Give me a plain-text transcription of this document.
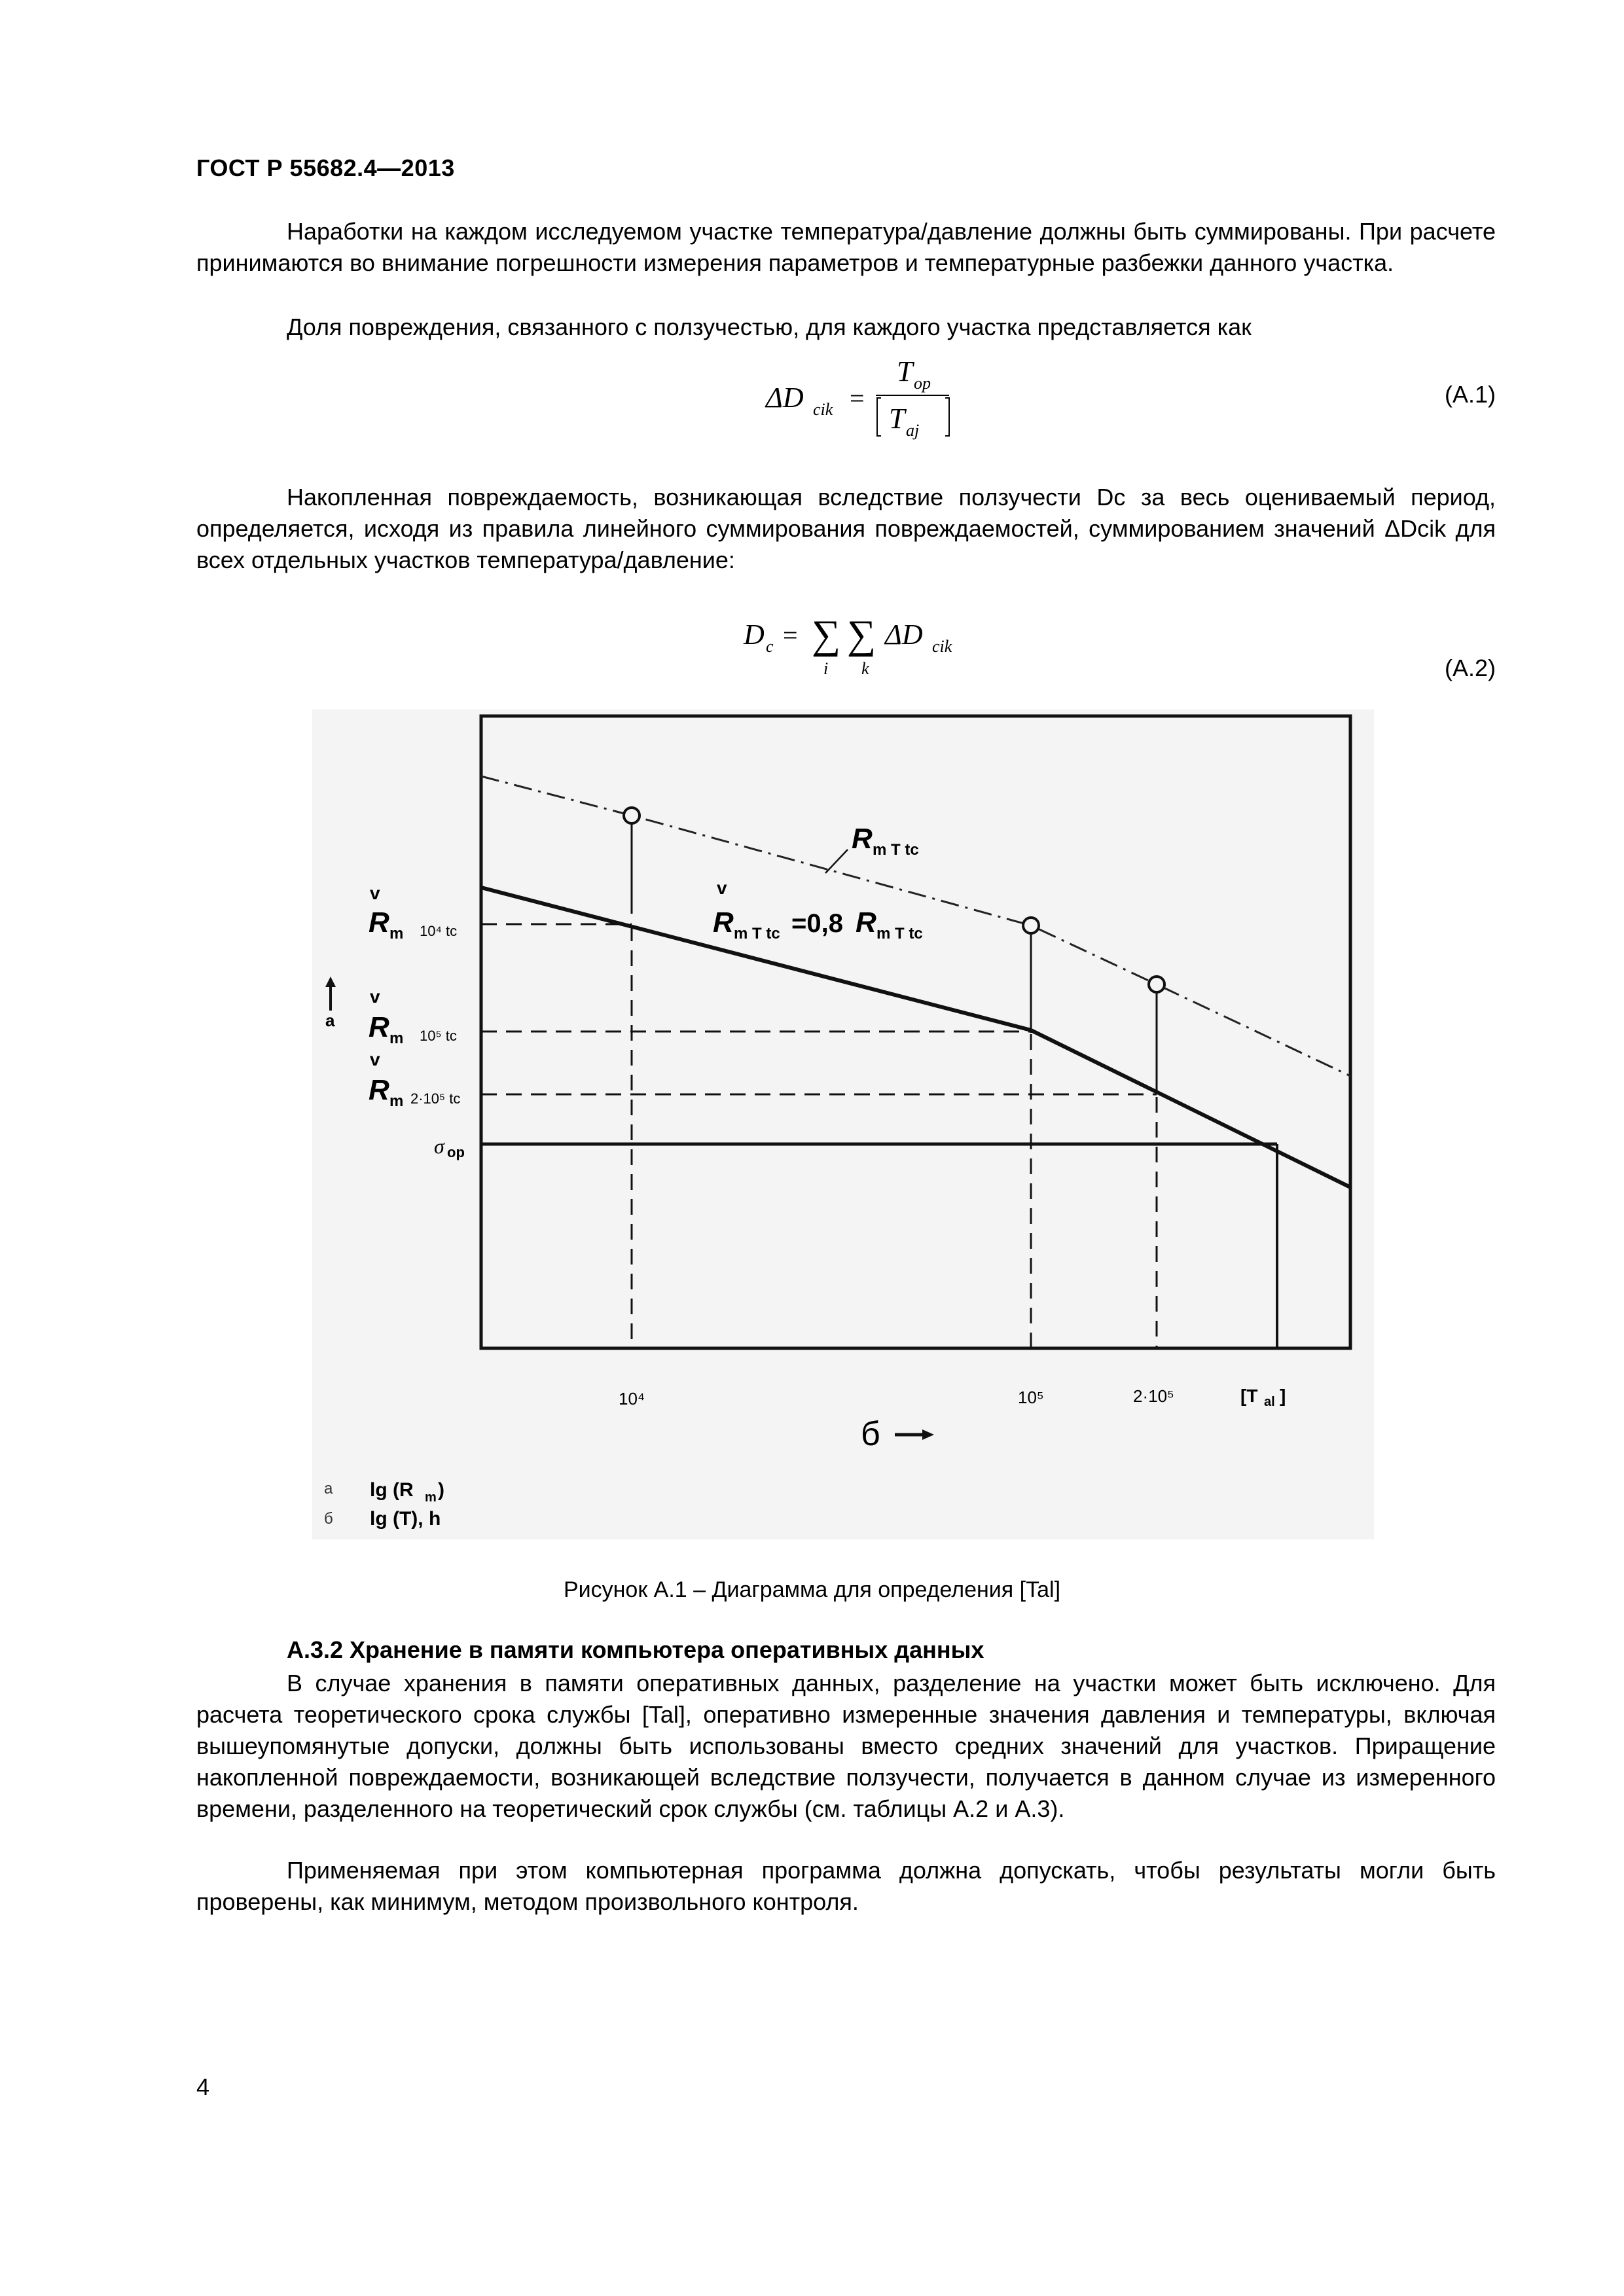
ГОСТ Р 55682.4—2013
Наработки на каждом исследуемом участке температура/давление должны быть суммированы. При расчете принимаются во внимание погрешности измерения параметров и температурные разбежки данного участка.
Доля повреждения, связанного с ползучестью, для каждого участка представляется как
ΔD cik =
T op
T aj
(A.1)
Накопленная повреждаемость, возникающая вследствие ползучести Dᴄ за весь оцениваемый период, определяется, исходя из правила линейного суммирования повреждаемостей, суммированием значений ΔDcik для всех отдельных участков температура/давление:
D c = ∑
i
∑
k
ΔD cik
(A.2)
R m T tc
v
R m T tc =0,8 R m T tc
v
R m 10⁴ tc
v
R m 10⁵ tc
v
R m 2·10⁵ tc
σ op
a
10⁴	10⁵	2·10⁵	[T al ]
б
a lg (R m )
б lg (T), h
Рисунок А.1 – Диаграмма для определения [Tal]
А.3.2 Хранение в памяти компьютера оперативных данных
В случае хранения в памяти оперативных данных, разделение на участки может быть исключено. Для расчета теоретического срока службы [Tal], оперативно измеренные значения давления и температуры, включая вышеупомянутые допуски, должны быть использованы вместо средних значений для участков. Приращение накопленной повреждаемости, возникающей вследствие ползучести, получается в данном случае из измеренного времени, разделенного на теоретический срок службы (см. таблицы А.2 и А.3).
Применяемая при этом компьютерная программа должна допускать, чтобы результаты могли быть проверены, как минимум, методом произвольного контроля.
4
